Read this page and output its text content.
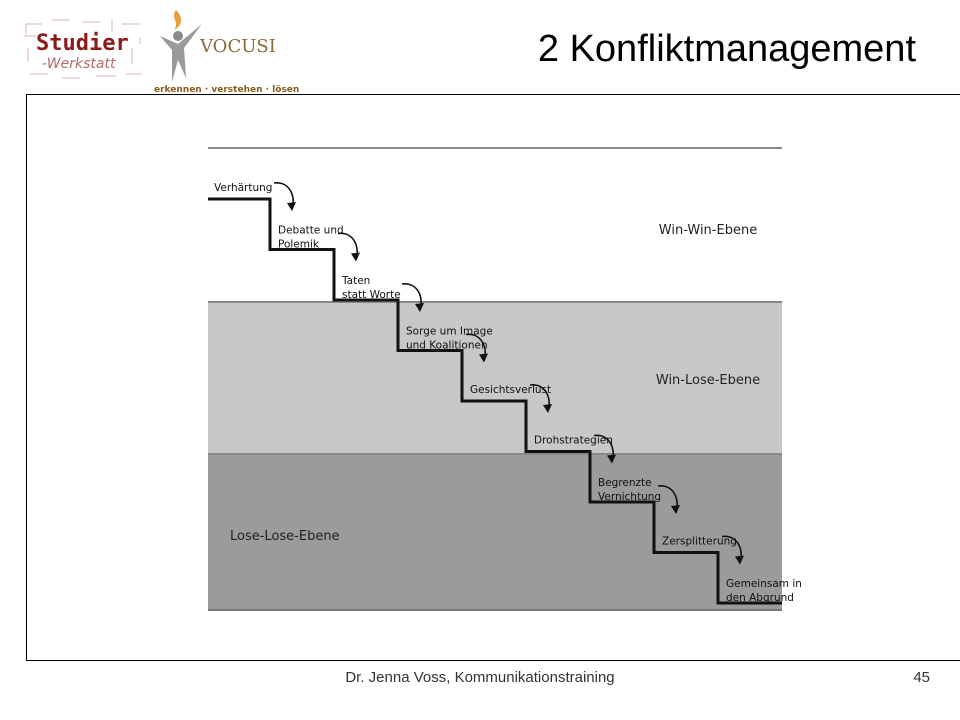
Studier
-Werkstatt
VOCUSI
erkennen · verstehen · lösen
2 Konfliktmanagement
Win-Win-Ebene
Win-Lose-Ebene
Lose-Lose-Ebene
Verhärtung
Debatte und
Polemik
Taten
statt Worte
Sorge um Image
und Koalitionen
Gesichtsverlust
Drohstrategien
Begrenzte
Vernichtung
Zersplitterung
Gemeinsam in
den Abgrund
Dr. Jenna Voss, Kommunikationstraining	45
